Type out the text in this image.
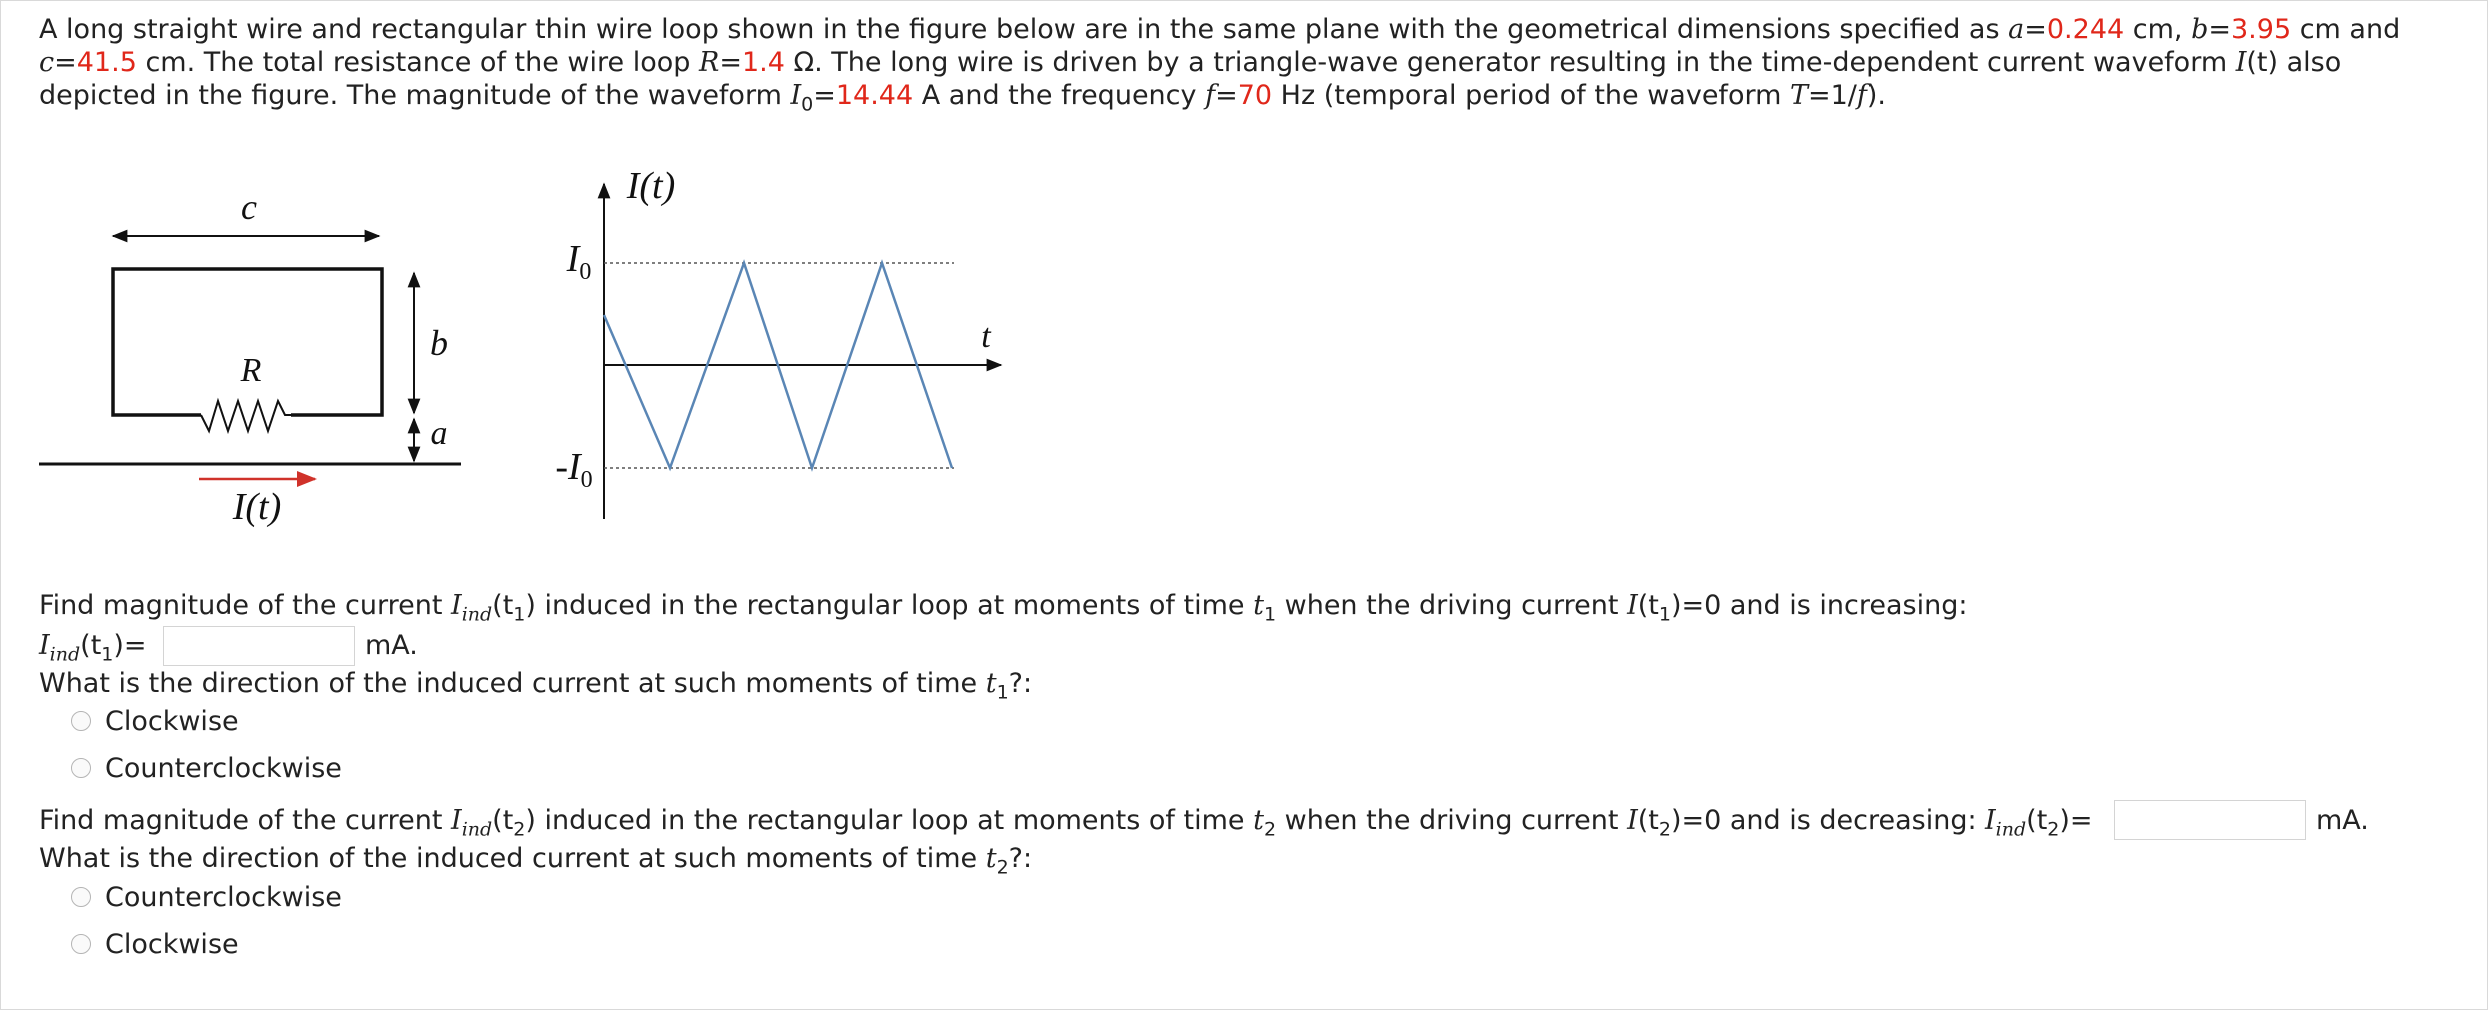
A long straight wire and rectangular thin wire loop shown in the figure below are in the same plane with the geometrical dimensions specified as a=0.244 cm, b=3.95 cm and c=41.5 cm. The total resistance of the wire loop R=1.4 Ω. The long wire is driven by a triangle-wave generator resulting in the time-dependent current waveform I(t) also depicted in the figure. The magnitude of the waveform $I_0=14.44$ A and the frequency f=70 Hz (temporal period of the waveform T=1/f).
c
R
b
a
I(t)
I(t)
t
$I_0$
$-I_0$
Find magnitude of the current $I_{ind}(t_1)$ induced in the rectangular loop at moments of time $t_1$ when the driving current $I(t_1)=0$ and is increasing:
$I_{ind}(t_1)=$	mA.
What is the direction of the induced current at such moments of time $t_1$?:
Clockwise
Counterclockwise
Find magnitude of the current $I_{ind}(t_2)$ induced in the rectangular loop at moments of time $t_2$ when the driving current $I(t_2)=0$ and is decreasing: $I_{ind}(t_2)=$	mA.
What is the direction of the induced current at such moments of time $t_2$?:
Counterclockwise
Clockwise
